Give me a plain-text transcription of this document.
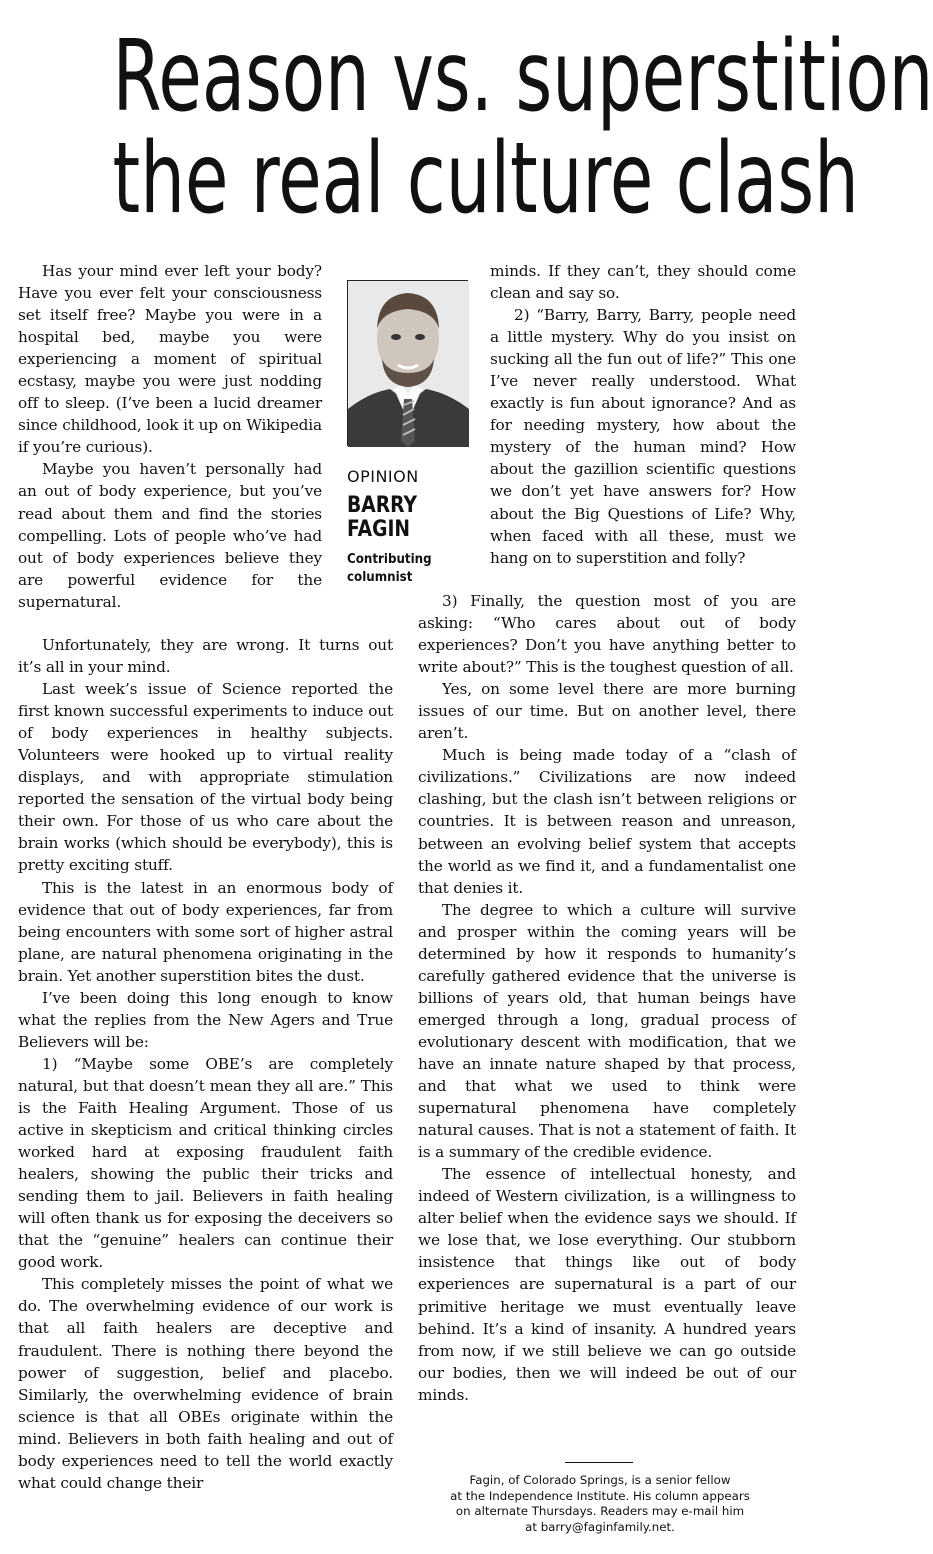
Reason vs. superstition
the real culture clash

Has your mind ever left your body? Have you ever felt your consciousness set itself free? Maybe you were in a hospital bed, maybe you were experiencing a moment of spiritual ecstasy, maybe you were just nodding off to sleep. (I’ve been a lucid dreamer since childhood, look it up on Wikipedia if you’re curious).

Maybe you haven’t personally had an out of body experience, but you’ve read about them and find the stories compelling. Lots of people who’ve had out of body experiences believe they are powerful evidence for the supernatural.

OPINION
BARRY
FAGIN
Contributing
columnist

Unfortunately, they are wrong. It turns out it’s all in your mind.

Last week’s issue of Science reported the first known successful experiments to induce out of body experiences in healthy subjects. Volunteers were hooked up to virtual reality displays, and with appropriate stimulation reported the sensation of the virtual body being their own. For those of us who care about the brain works (which should be everybody), this is pretty exciting stuff.

This is the latest in an enormous body of evidence that out of body experiences, far from being encounters with some sort of higher astral plane, are natural phenomena originating in the brain. Yet another superstition bites the dust.

I’ve been doing this long enough to know what the replies from the New Agers and True Believers will be:

1) “Maybe some OBE’s are completely natural, but that doesn’t mean they all are.” This is the Faith Healing Argument. Those of us active in skepticism and critical thinking circles worked hard at exposing fraudulent faith healers, showing the public their tricks and sending them to jail. Believers in faith healing will often thank us for exposing the deceivers so that the “genuine” healers can continue their good work.

This completely misses the point of what we do. The overwhelming evidence of our work is that all faith healers are deceptive and fraudulent. There is nothing there beyond the power of suggestion, belief and placebo. Similarly, the overwhelming evidence of brain science is that all OBEs originate within the mind. Believers in both faith healing and out of body experiences need to tell the world exactly what could change their

minds. If they can’t, they should come clean and say so.

2) “Barry, Barry, Barry, people need a little mystery. Why do you insist on sucking all the fun out of life?” This one I’ve never really understood. What exactly is fun about ignorance? And as for needing mystery, how about the mystery of the human mind? How about the gazillion scientific questions we don’t yet have answers for? How about the Big Questions of Life? Why, when faced with all these, must we hang on to superstition and folly?

3) Finally, the question most of you are asking: “Who cares about out of body experiences? Don’t you have anything better to write about?” This is the toughest question of all.

Yes, on some level there are more burning issues of our time. But on another level, there aren’t.

Much is being made today of a “clash of civilizations.” Civilizations are now indeed clashing, but the clash isn’t between religions or countries. It is between reason and unreason, between an evolving belief system that accepts the world as we find it, and a fundamentalist one that denies it.

The degree to which a culture will survive and prosper within the coming years will be determined by how it responds to humanity’s carefully gathered evidence that the universe is billions of years old, that human beings have emerged through a long, gradual process of evolutionary descent with modification, that we have an innate nature shaped by that process, and that what we used to think were supernatural phenomena have completely natural causes. That is not a statement of faith. It is a summary of the credible evidence.

The essence of intellectual honesty, and indeed of Western civilization, is a willingness to alter belief when the evidence says we should. If we lose that, we lose everything. Our stubborn insistence that things like out of body experiences are supernatural is a part of our primitive heritage we must eventually leave behind. It’s a kind of insanity. A hundred years from now, if we still believe we can go outside our bodies, then we will indeed be out of our minds.

Fagin, of Colorado Springs, is a senior fellow
at the Independence Institute. His column appears
on alternate Thursdays. Readers may e-mail him
at barry@faginfamily.net.
